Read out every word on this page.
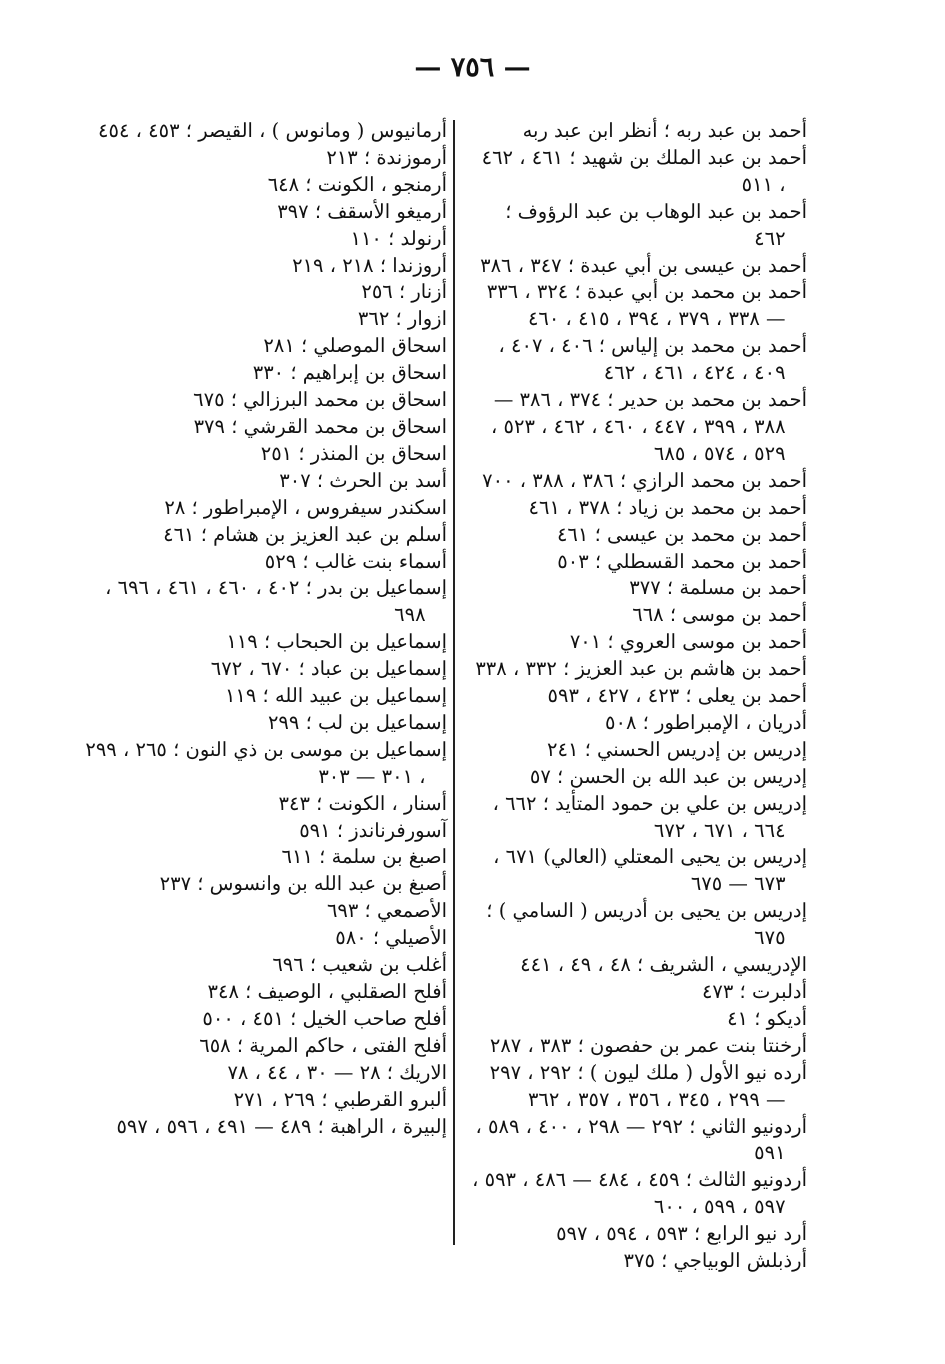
— ٧٥٦ —
أحمد بن عبد ربه ؛ أنظر ابن عبد ربه
أحمد بن عبد الملك بن شهيد ؛ ٤٦١ ، ٤٦٢ ، ٥١١
أحمد بن عبد الوهاب بن عبد الرؤوف ؛ ٤٦٢
أحمد بن عيسى بن أبي عبدة ؛ ٣٤٧ ، ٣٨٦
أحمد بن محمد بن أبي عبدة ؛ ٣٢٤ ، ٣٣٦ — ٣٣٨ ، ٣٧٩ ، ٣٩٤ ، ٤١٥ ، ٤٦٠
أحمد بن محمد بن إلياس ؛ ٤٠٦ ، ٤٠٧ ، ٤٠٩ ، ٤٢٤ ، ٤٦١ ، ٤٦٢
أحمد بن محمد بن حدير ؛ ٣٧٤ ، ٣٨٦ — ٣٨٨ ، ٣٩٩ ، ٤٤٧ ، ٤٦٠ ، ٤٦٢ ، ٥٢٣ ، ٥٢٩ ، ٥٧٤ ، ٦٨٥
أحمد بن محمد الرازي ؛ ٣٨٦ ، ٣٨٨ ، ٧٠٠
أحمد بن محمد بن زياد ؛ ٣٧٨ ، ٤٦١
أحمد بن محمد بن عيسى ؛ ٤٦١
أحمد بن محمد القسطلي ؛ ٥٠٣
أحمد بن مسلمة ؛ ٣٧٧
أحمد بن موسى ؛ ٦٦٨
أحمد بن موسى العروي ؛ ٧٠١
أحمد بن هاشم بن عبد العزيز ؛ ٣٣٢ ، ٣٣٨
أحمد بن يعلى ؛ ٤٢٣ ، ٤٢٧ ، ٥٩٣
أدريان ، الإمبراطور ؛ ٥٠٨
إدريس بن إدريس الحسني ؛ ٢٤١
إدريس بن عبد الله بن الحسن ؛ ٥٧
إدريس بن علي بن حمود المتأيد ؛ ٦٦٢ ، ٦٦٤ ، ٦٧١ ، ٦٧٢
إدريس بن يحيى المعتلي (العالي) ٦٧١ ، ٦٧٣ — ٦٧٥
إدريس بن يحيى بن أدريس ( السامي ) ؛ ٦٧٥
الإدريسي ، الشريف ؛ ٤٨ ، ٤٩ ، ٤٤١
أدلبرت ؛ ٤٧٣
أديكو ؛ ٤١
أرخنتا بنت عمر بن حفصون ؛ ٣٨٣ ، ٢٨٧
أرده نيو الأول ( ملك ليون ) ؛ ٢٩٢ ، ٢٩٧ — ٢٩٩ ، ٣٤٥ ، ٣٥٦ ، ٣٥٧ ، ٣٦٢
أردونيو الثاني ؛ ٢٩٢ — ٢٩٨ ، ٤٠٠ ، ٥٨٩ ، ٥٩١
أردونيو الثالث ؛ ٤٥٩ ، ٤٨٤ — ٤٨٦ ، ٥٩٣ ، ٥٩٧ ، ٥٩٩ ، ٦٠٠
أرد نيو الرابع ؛ ٥٩٣ ، ٥٩٤ ، ٥٩٧
أرذبلش الوبياجي ؛ ٣٧٥
أرمانيوس ( ومانوس ) ، القيصر ؛ ٤٥٣ ، ٤٥٤
أرموزندة ؛ ٢١٣
أرمنجو ، الكونت ؛ ٦٤٨
أرميغو الأسقف ؛ ٣٩٧
أرنولد ؛ ١١٠
أروزندا ؛ ٢١٨ ، ٢١٩
أزنار ؛ ٢٥٦
ازوار ؛ ٣٦٢
اسحاق الموصلي ؛ ٢٨١
اسحاق بن إبراهيم ؛ ٣٣٠
اسحاق بن محمد البرزالي ؛ ٦٧٥
اسحاق بن محمد القرشي ؛ ٣٧٩
اسحاق بن المنذر ؛ ٢٥١
أسد بن الحرث ؛ ٣٠٧
اسكندر سيفروس ، الإمبراطور ؛ ٢٨
أسلم بن عبد العزيز بن هشام ؛ ٤٦١
أسماء بنت غالب ؛ ٥٢٩
إسماعيل بن بدر ؛ ٤٠٢ ، ٤٦٠ ، ٤٦١ ، ٦٩٦ ، ٦٩٨
إسماعيل بن الحبحاب ؛ ١١٩
إسماعيل بن عباد ؛ ٦٧٠ ، ٦٧٢
إسماعيل بن عبيد الله ؛ ١١٩
إسماعيل بن لب ؛ ٢٩٩
إسماعيل بن موسى بن ذي النون ؛ ٢٦٥ ، ٢٩٩ ، ٣٠١ — ٣٠٣
أسنار ، الكونت ؛ ٣٤٣
آسورفرناندز ؛ ٥٩١
اصبغ بن سلمة ؛ ٦١١
أصبغ بن عبد الله بن وانسوس ؛ ٢٣٧
الأصمعي ؛ ٦٩٣
الأصيلي ؛ ٥٨٠
أغلب بن شعيب ؛ ٦٩٦
أفلح الصقلبي ، الوصيف ؛ ٣٤٨
أفلح صاحب الخيل ؛ ٤٥١ ، ٥٠٠
أفلح الفتى ، حاكم المرية ؛ ٦٥٨
الاريك ؛ ٢٨ — ٣٠ ، ٤٤ ، ٧٨
ألبرو القرطبي ؛ ٢٦٩ ، ٢٧١
إلبيرة ، الراهبة ؛ ٤٨٩ — ٤٩١ ، ٥٩٦ ، ٥٩٧
